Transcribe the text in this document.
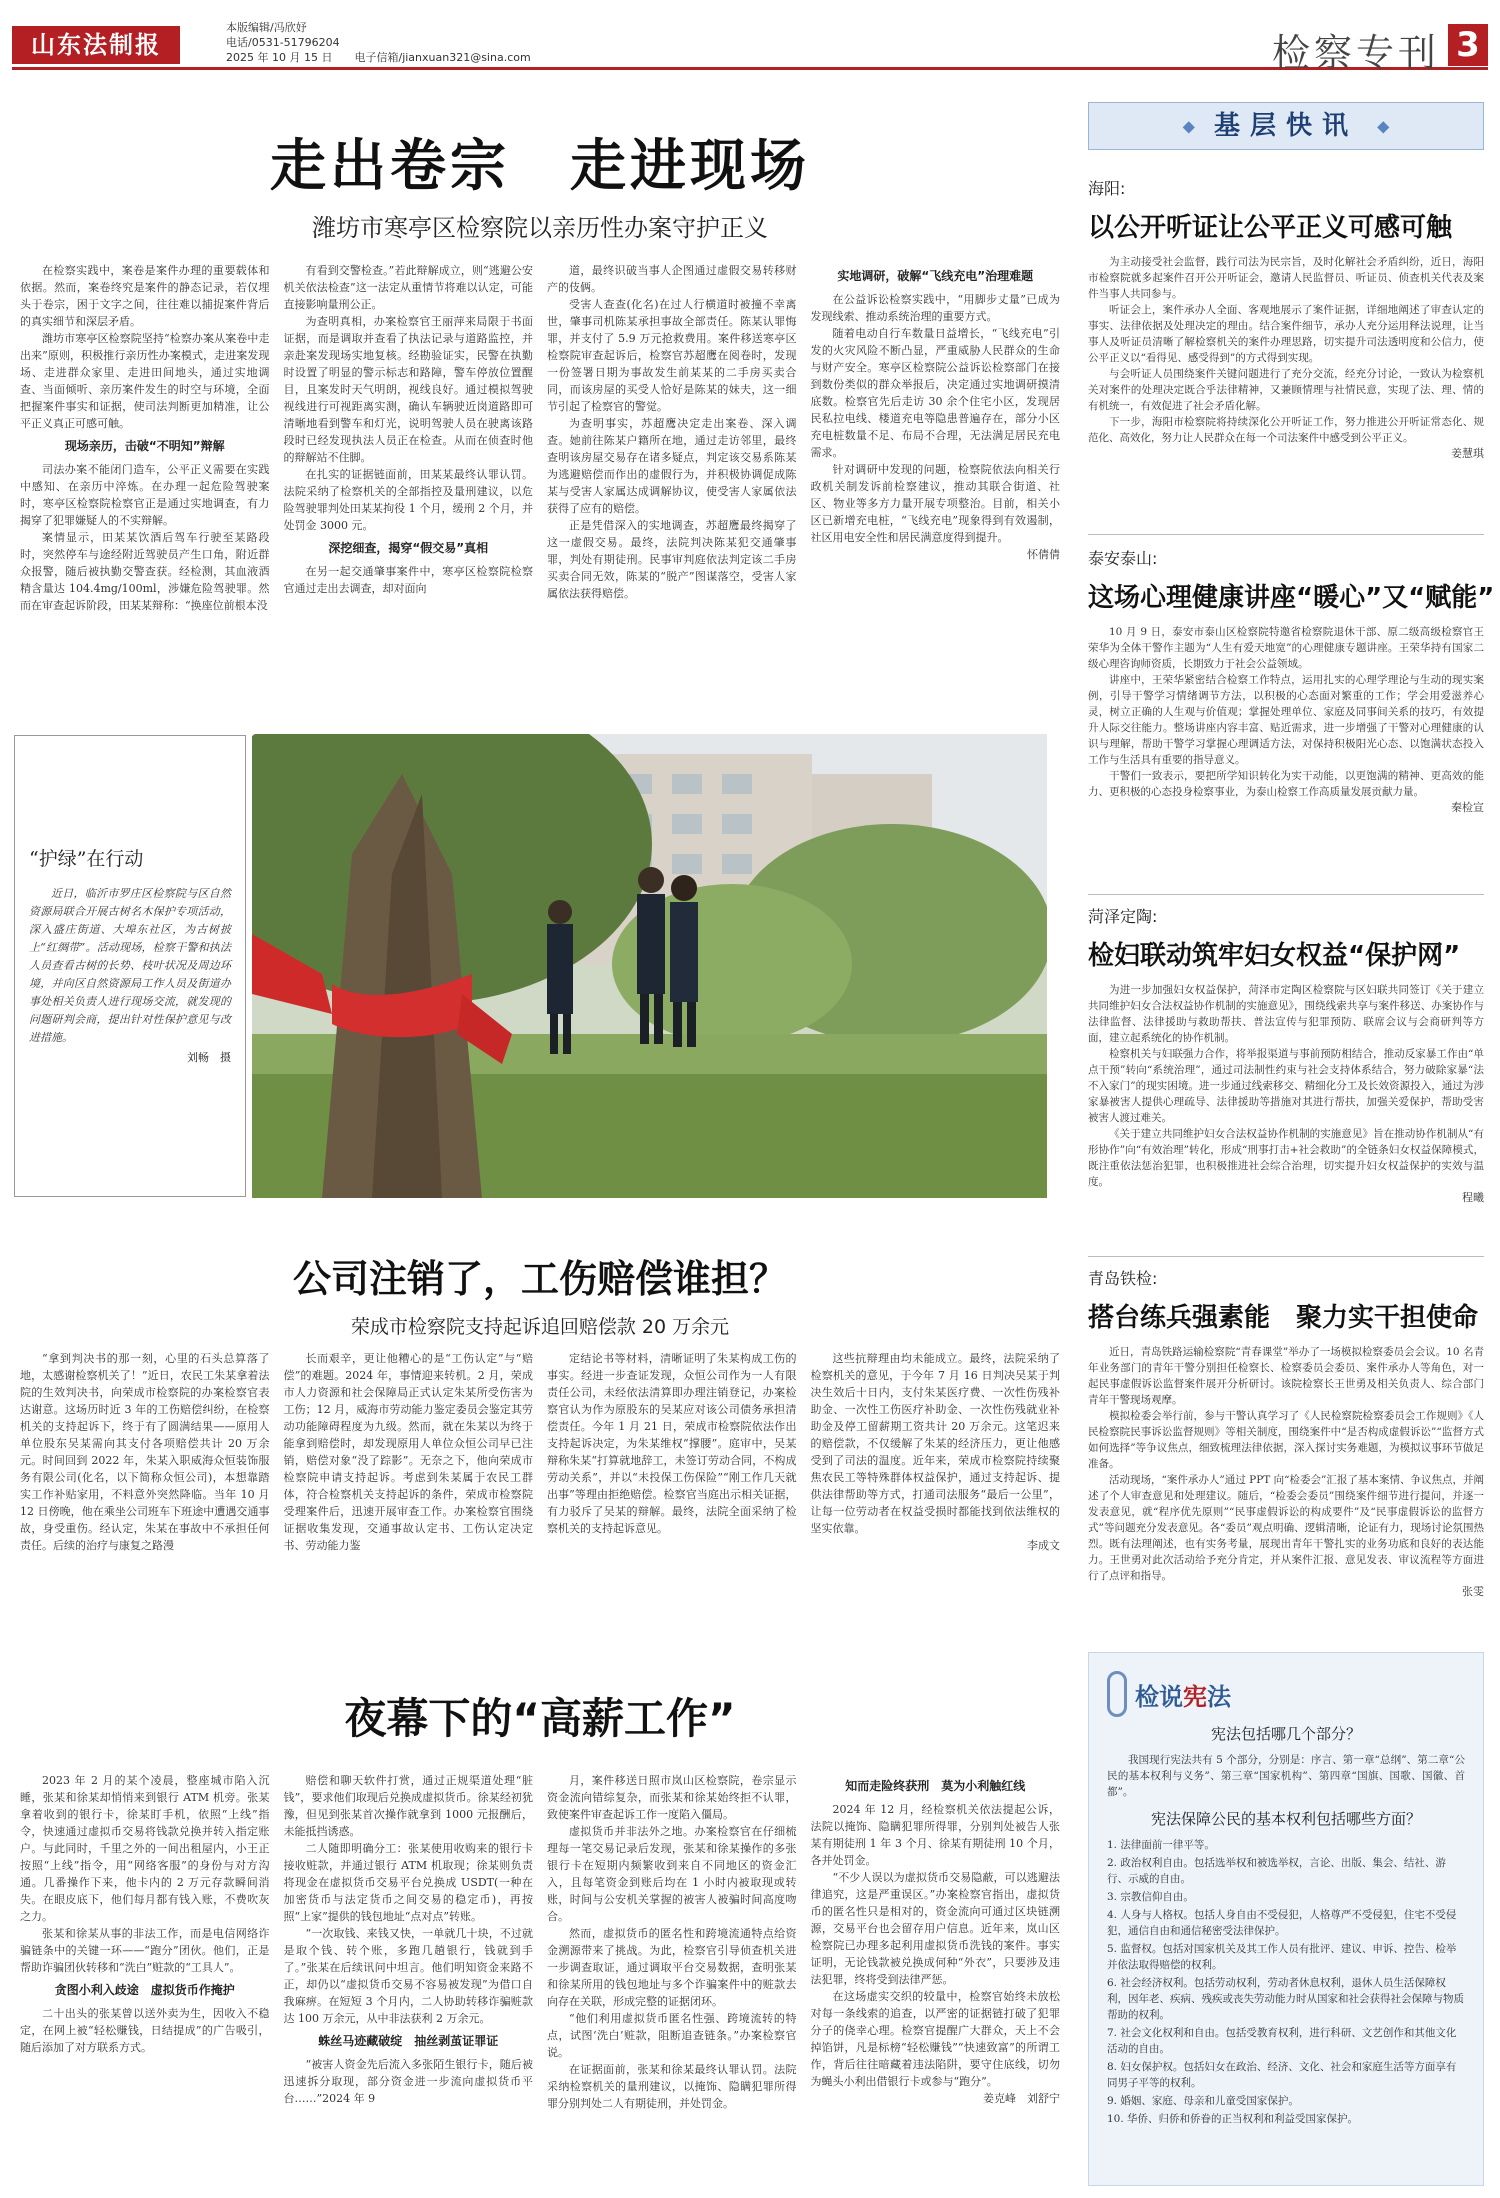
山东法制报
本版编辑/冯欣妤
电话/0531-51796204
2025 年 10 月 15 日 电子信箱/jianxuan321@sina.com	检察专刊 3
走出卷宗　走进现场
潍坊市寒亭区检察院以亲历性办案守护正义

在检察实践中，案卷是案件办理的重要载体和依据。然而，案卷终究是案件的静态记录，若仅埋头于卷宗，困于文字之间，往往难以捕捉案件背后的真实细节和深层矛盾。

潍坊市寒亭区检察院坚持“检察办案从案卷中走出来”原则，积极推行亲历性办案模式，走进案发现场、走进群众家里、走进田间地头，通过实地调查、当面倾听、亲历案件发生的时空与环境，全面把握案件事实和证据，使司法判断更加精准，让公平正义真正可感可触。

现场亲历，击破“不明知”辩解

司法办案不能闭门造车，公平正义需要在实践中感知、在亲历中淬炼。在办理一起危险驾驶案时，寒亭区检察院检察官正是通过实地调查，有力揭穿了犯罪嫌疑人的不实辩解。

案情显示，田某某饮酒后驾车行驶至某路段时，突然停车与途经附近驾驶员产生口角，附近群众报警，随后被执勤交警查获。经检测，其血液酒精含量达 104.4mg/100ml，涉嫌危险驾驶罪。然而在审查起诉阶段，田某某辩称：“换座位前根本没

有看到交警检查。”若此辩解成立，则“逃避公安机关依法检查”这一法定从重情节将难以认定，可能直接影响量刑公正。

为查明真相，办案检察官王丽萍来局限于书面证据，而是调取并查看了执法记录与道路监控，并亲赴案发现场实地复核。经勘验证实，民警在执勤时设置了明显的警示标志和路障，警车停放位置醒目，且案发时天气明朗，视线良好。通过模拟驾驶视线进行可视距离实测，确认车辆驶近岗道路即可清晰地看到警车和灯光，说明驾驶人员在驶离该路段时已经发现执法人员正在检查。从而在侦查时他的辩解站不住脚。

在扎实的证据链面前，田某某最终认罪认罚。法院采纳了检察机关的全部指控及量刑建议，以危险驾驶罪判处田某某拘役 1 个月，缓刑 2 个月，并处罚金 3000 元。

深挖细查，揭穿“假交易”真相

在另一起交通肇事案件中，寒亭区检察院检察官通过走出去调查，却对面向

道，最终识破当事人企图通过虚假交易转移财产的伎俩。

受害人查查(化名)在过人行横道时被撞不幸离世，肇事司机陈某承担事故全部责任。陈某认罪悔罪，并支付了 5.9 万元抢救费用。案件移送寒亭区检察院审查起诉后，检察官苏超鹰在阅卷时，发现一份签署日期为事故发生前某某的二手房买卖合同，而该房屋的买受人恰好是陈某的妹夫，这一细节引起了检察官的警觉。

为查明事实，苏超鹰决定走出案卷、深入调查。她前往陈某户籍所在地，通过走访邻里，最终查明该房屋交易存在诸多疑点，判定该交易系陈某为逃避赔偿而作出的虚假行为，并积极协调促成陈某与受害人家属达成调解协议，使受害人家属依法获得了应有的赔偿。

正是凭借深入的实地调查，苏超鹰最终揭穿了这一虚假交易。最终，法院判决陈某犯交通肇事罪，判处有期徒刑。民事审判庭依法判定该二手房买卖合同无效，陈某的“脱产”图谋落空，受害人家属依法获得赔偿。

实地调研，破解“飞线充电”治理难题

在公益诉讼检察实践中，“用脚步丈量”已成为发现线索、推动系统治理的重要方式。

随着电动自行车数量日益增长，“飞线充电”引发的火灾风险不断凸显，严重威胁人民群众的生命与财产安全。寒亭区检察院公益诉讼检察部门在接到数份类似的群众举报后，决定通过实地调研摸清底数。检察官先后走访 30 余个住宅小区，发现居民私拉电线、楼道充电等隐患普遍存在，部分小区充电桩数量不足、布局不合理，无法满足居民充电需求。

针对调研中发现的问题，检察院依法向相关行政机关制发诉前检察建议，推动其联合街道、社区、物业等多方力量开展专项整治。目前，相关小区已新增充电桩，“飞线充电”现象得到有效遏制，社区用电安全性和居民满意度得到提升。

怀倩倩
“护绿”在行动
近日，临沂市罗庄区检察院与区自然资源局联合开展古树名木保护专项活动，深入盛庄街道、大埠东社区，为古树披上“红绸带”。活动现场，检察干警和执法人员查看古树的长势、枝叶状况及周边环境，并向区自然资源局工作人员及街道办事处相关负责人进行现场交流，就发现的问题研判会商，提出针对性保护意见与改进措施。
刘畅　摄
公司注销了，工伤赔偿谁担？
荣成市检察院支持起诉追回赔偿款 20 万余元

“拿到判决书的那一刻，心里的石头总算落了地，太感谢检察机关了！”近日，农民工朱某拿着法院的生效判决书，向荣成市检察院的办案检察官表达谢意。这场历时近 3 年的工伤赔偿纠纷，在检察机关的支持起诉下，终于有了圆满结果——原用人单位股东吴某需向其支付各项赔偿共计 20 万余元。时间回到 2022 年，朱某入职威海众恒装饰服务有限公司(化名，以下简称众恒公司)，本想靠踏实工作补贴家用，不料意外突然降临。当年 10 月 12 日傍晚，他在乘坐公司班车下班途中遭遇交通事故，身受重伤。经认定，朱某在事故中不承担任何责任。后续的治疗与康复之路漫

长而艰辛，更让他糟心的是“工伤认定”与“赔偿”的难题。2024 年，事情迎来转机。2 月，荣成市人力资源和社会保障局正式认定朱某所受伤害为工伤；12 月，威海市劳动能力鉴定委员会鉴定其劳动功能障碍程度为九级。然而，就在朱某以为终于能拿到赔偿时，却发现原用人单位众恒公司早已注销，赔偿对象“没了踪影”。无奈之下，他向荣成市检察院申请支持起诉。考虑到朱某属于农民工群体，符合检察机关支持起诉的条件，荣成市检察院受理案件后，迅速开展审查工作。办案检察官围绕证据收集发现，交通事故认定书、工伤认定决定书、劳动能力鉴

定结论书等材料，清晰证明了朱某构成工伤的事实。经进一步查证发现，众恒公司作为一人有限责任公司，未经依法清算即办理注销登记，办案检察官认为作为原股东的吴某应对该公司债务承担清偿责任。今年 1 月 21 日，荣成市检察院依法作出支持起诉决定，为朱某维权“撑腰”。庭审中，吴某辩称朱某“打算就地辞工，未签订劳动合同，不构成劳动关系”，并以“未投保工伤保险”“刚工作几天就出事”等理由拒绝赔偿。检察官当庭出示相关证据，有力驳斥了吴某的辩解。最终，法院全面采纳了检察机关的支持起诉意见。

这些抗辩理由均未能成立。最终，法院采纳了检察机关的意见，于今年 7 月 16 日判决吴某于判决生效后十日内，支付朱某医疗费、一次性伤残补助金、一次性工伤医疗补助金、一次性伤残就业补助金及停工留薪期工资共计 20 万余元。这笔迟来的赔偿款，不仅缓解了朱某的经济压力，更让他感受到了司法的温度。近年来，荣成市检察院持续聚焦农民工等特殊群体权益保护，通过支持起诉、提供法律帮助等方式，打通司法服务“最后一公里”，让每一位劳动者在权益受损时都能找到依法维权的坚实依靠。

李成文
夜幕下的“高薪工作”

2023 年 2 月的某个凌晨，整座城市陷入沉睡，张某和徐某却悄悄来到银行 ATM 机旁。张某拿着收到的银行卡，徐某盯手机，依照“上线”指令，快速通过虚拟币交易将钱款兑换并转入指定账户。与此同时，千里之外的一间出租屋内，小王正按照“上线”指令，用“网络客服”的身份与对方沟通。几番操作下来，他卡内的 2 万元存款瞬间消失。在眼皮底下，他们每月都有钱入账，不费吹灰之力。

张某和徐某从事的非法工作，而是电信网络诈骗链条中的关键一环——“跑分”团伙。他们，正是帮助诈骗团伙转移和“洗白”赃款的“工具人”。

贪图小利入歧途　虚拟货币作掩护

二十出头的张某曾以送外卖为生，因收入不稳定，在网上被“轻松赚钱，日结提成”的广告吸引，随后添加了对方联系方式。

赔偿和聊天软件打赏，通过正规渠道处理“脏钱”，要求他们取现后兑换成虚拟货币。徐某经初犹豫，但见到张某首次操作就拿到 1000 元报酬后，未能抵挡诱惑。

二人随即明确分工：张某使用收购来的银行卡接收赃款，并通过银行 ATM 机取现；徐某则负责将现金在虚拟货币交易平台兑换成 USDT(一种在加密货币与法定货币之间交易的稳定币)，再按照“上家”提供的钱包地址“点对点”转账。

“一次取钱、来钱又快，一单就几十块，不过就是取个钱、转个账，多跑几趟银行，钱就到手了。”张某在后续讯问中坦言。他们明知资金来路不正，却仍以“虚拟货币交易不容易被发现”为借口自我麻痹。在短短 3 个月内，二人协助转移诈骗赃款达 100 万余元，从中非法获利 2 万余元。

蛛丝马迹藏破绽　抽丝剥茧证罪证

“被害人资金先后流入多张陌生银行卡，随后被迅速拆分取现，部分资金进一步流向虚拟货币平台……”2024 年 9

月，案件移送日照市岚山区检察院，卷宗显示资金流向错综复杂，而张某和徐某始终拒不认罪，致使案件审查起诉工作一度陷入僵局。

虚拟货币并非法外之地。办案检察官在仔细梳理每一笔交易记录后发现，张某和徐某操作的多张银行卡在短期内频繁收到来自不同地区的资金汇入，且每笔资金到账后均在 1 小时内被取现或转账，时间与公安机关掌握的被害人被骗时间高度吻合。

然而，虚拟货币的匿名性和跨境流通特点给资金溯源带来了挑战。为此，检察官引导侦查机关进一步调查取证，通过调取平台交易数据，查明张某和徐某所用的钱包地址与多个诈骗案件中的赃款去向存在关联，形成完整的证据闭环。

“他们利用虚拟货币匿名性强、跨境流转的特点，试图‘洗白’赃款，阻断追查链条。”办案检察官说。

在证据面前，张某和徐某最终认罪认罚。法院采纳检察机关的量刑建议，以掩饰、隐瞒犯罪所得罪分别判处二人有期徒刑，并处罚金。

知而走险终获刑　莫为小利触红线

2024 年 12 月，经检察机关依法提起公诉，法院以掩饰、隐瞒犯罪所得罪，分别判处被告人张某有期徒刑 1 年 3 个月、徐某有期徒刑 10 个月，各并处罚金。

“不少人误以为虚拟货币交易隐蔽，可以逃避法律追究，这是严重误区。”办案检察官指出，虚拟货币的匿名性只是相对的，资金流向可通过区块链溯源，交易平台也会留存用户信息。近年来，岚山区检察院已办理多起利用虚拟货币洗钱的案件。事实证明，无论钱款被兑换成何种“外衣”，只要涉及违法犯罪，终将受到法律严惩。

在这场虚实交织的较量中，检察官始终未放松对每一条线索的追查，以严密的证据链打破了犯罪分子的侥幸心理。检察官提醒广大群众，天上不会掉馅饼，凡是标榜“轻松赚钱”“快速致富”的所谓工作，背后往往暗藏着违法陷阱，要守住底线，切勿为蝇头小利出借银行卡或参与“跑分”。

姜克峰　刘舒宁
◆ 基层快讯 ◆
海阳:
以公开听证让公平正义可感可触

为主动接受社会监督，践行司法为民宗旨，及时化解社会矛盾纠纷，近日，海阳市检察院就多起案件召开公开听证会，邀请人民监督员、听证员、侦查机关代表及案件当事人共同参与。

听证会上，案件承办人全面、客观地展示了案件证据，详细地阐述了审查认定的事实、法律依据及处理决定的理由。结合案件细节，承办人充分运用释法说理，让当事人及听证员清晰了解检察机关的案件办理思路，切实提升司法透明度和公信力，使公平正义以“看得见、感受得到”的方式得到实现。

与会听证人员围绕案件关键问题进行了充分交流，经充分讨论，一致认为检察机关对案件的处理决定既合乎法律精神，又兼顾情理与社情民意，实现了法、理、情的有机统一，有效促进了社会矛盾化解。

下一步，海阳市检察院将持续深化公开听证工作，努力推进公开听证常态化、规范化、高效化，努力让人民群众在每一个司法案件中感受到公平正义。

姜慧琪
泰安泰山:
这场心理健康讲座“暖心”又“赋能”

10 月 9 日，泰安市泰山区检察院特邀省检察院退休干部、原二级高级检察官王荣华为全体干警作主题为“人生有爱天地宽”的心理健康专题讲座。王荣华持有国家二级心理咨询师资质，长期致力于社会公益领域。

讲座中，王荣华紧密结合检察工作特点，运用扎实的心理学理论与生动的现实案例，引导干警学习情绪调节方法，以积极的心态面对繁重的工作；学会用爱滋养心灵，树立正确的人生观与价值观；掌握处理单位、家庭及同事间关系的技巧，有效提升人际交往能力。整场讲座内容丰富、贴近需求，进一步增强了干警对心理健康的认识与理解，帮助干警学习掌握心理调适方法，对保持积极阳光心态、以饱满状态投入工作与生活具有重要的指导意义。

干警们一致表示，要把所学知识转化为实干动能，以更饱满的精神、更高效的能力、更积极的心态投身检察事业，为泰山检察工作高质量发展贡献力量。

秦检宣
菏泽定陶:
检妇联动筑牢妇女权益“保护网”

为进一步加强妇女权益保护，菏泽市定陶区检察院与区妇联共同签订《关于建立共同维护妇女合法权益协作机制的实施意见》，围绕线索共享与案件移送、办案协作与法律监督、法律援助与救助帮扶、普法宣传与犯罪预防、联席会议与会商研判等方面，建立起系统化的协作机制。

检察机关与妇联强力合作，将举报渠道与事前预防相结合，推动反家暴工作由“单点干预”转向“系统治理”，通过司法制性约束与社会支持体系结合，努力破除家暴“法不入家门”的现实困境。进一步通过线索移交、精细化分工及长效资源投入，通过为涉家暴被害人提供心理疏导、法律援助等措施对其进行帮扶，加强关爱保护，帮助受害被害人渡过难关。

《关于建立共同维护妇女合法权益协作机制的实施意见》旨在推动协作机制从“有形协作”向“有效治理”转化，形成“刑事打击+社会救助”的全链条妇女权益保障模式，既注重依法惩治犯罪，也积极推进社会综合治理，切实提升妇女权益保护的实效与温度。

程曦
青岛铁检:
搭台练兵强素能　聚力实干担使命

近日，青岛铁路运输检察院“青春课堂”举办了一场模拟检察委员会会议。10 名青年业务部门的青年干警分别担任检察长、检察委员会委员、案件承办人等角色，对一起民事虚假诉讼监督案件展开分析研讨。该院检察长王世勇及相关负责人、综合部门青年干警现场观摩。

模拟检委会举行前，参与干警认真学习了《人民检察院检察委员会工作规则》《人民检察院民事诉讼监督规则》等相关制度，围绕案件中“是否构成虚假诉讼”“监督方式如何选择”等争议焦点，细致梳理法律依据，深入探讨实务难题，为模拟议事环节做足准备。

活动现场，“案件承办人”通过 PPT 向“检委会”汇报了基本案情、争议焦点，并阐述了个人审查意见和处理建议。随后，“检委会委员”围绕案件细节进行提问，并逐一发表意见，就“程序优先原则”“民事虚假诉讼的构成要件”及“民事虚假诉讼的监督方式”等问题充分发表意见。各“委员”观点明确、逻辑清晰，论证有力，现场讨论氛围热烈。既有法理阐述，也有实务考量，展现出青年干警扎实的业务功底和良好的表达能力。王世勇对此次活动给予充分肯定，并从案件汇报、意见发表、审议流程等方面进行了点评和指导。

张雯
检说宪法
宪法包括哪几个部分？
我国现行宪法共有 5 个部分，分别是：序言、第一章“总纲”、第二章“公民的基本权利与义务”、第三章“国家机构”、第四章“国旗、国歌、国徽、首都”。
宪法保障公民的基本权利包括哪些方面？
1. 法律面前一律平等。
2. 政治权利自由。包括选举权和被选举权，言论、出版、集会、结社、游行、示威的自由。
3. 宗教信仰自由。
4. 人身与人格权。包括人身自由不受侵犯，人格尊严不受侵犯，住宅不受侵犯，通信自由和通信秘密受法律保护。
5. 监督权。包括对国家机关及其工作人员有批评、建议、申诉、控告、检举并依法取得赔偿的权利。
6. 社会经济权利。包括劳动权利，劳动者休息权利，退休人员生活保障权利，因年老、疾病、残疾或丧失劳动能力时从国家和社会获得社会保障与物质帮助的权利。
7. 社会文化权利和自由。包括受教育权利，进行科研、文艺创作和其他文化活动的自由。
8. 妇女保护权。包括妇女在政治、经济、文化、社会和家庭生活等方面享有同男子平等的权利。
9. 婚姻、家庭、母亲和儿童受国家保护。
10. 华侨、归侨和侨眷的正当权利和利益受国家保护。
